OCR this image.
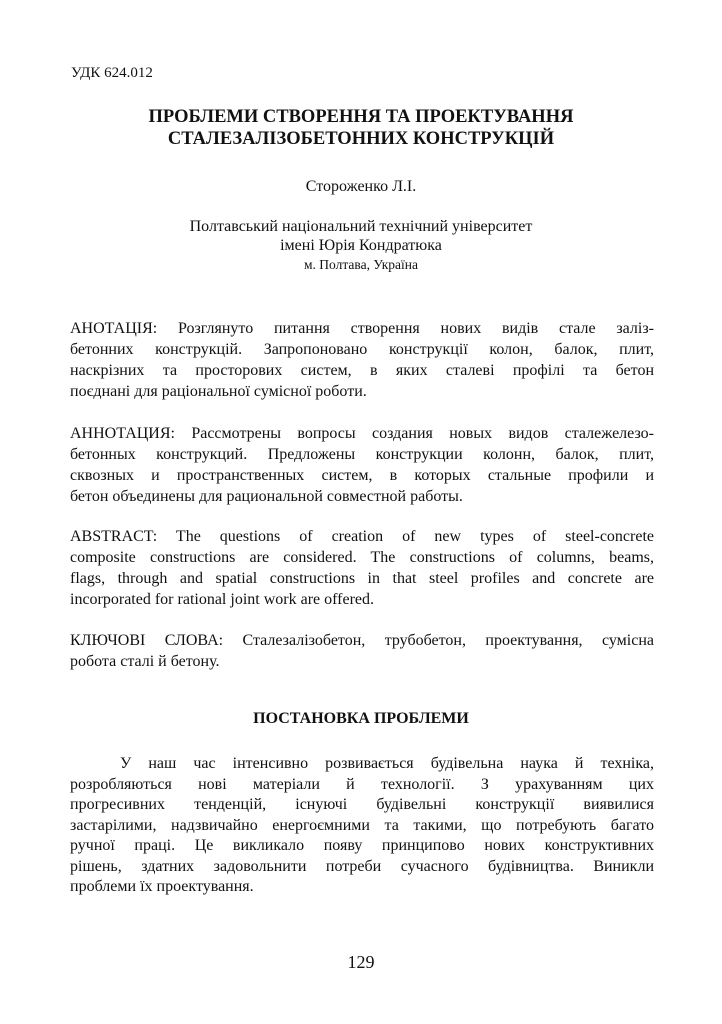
УДК 624.012
ПРОБЛЕМИ СТВОРЕННЯ ТА ПРОЕКТУВАННЯ
СТАЛЕЗАЛІЗОБЕТОННИХ КОНСТРУКЦІЙ
Стороженко Л.І.
Полтавський національний технічний університет
імені Юрія Кондратюка
м. Полтава, Україна
АНОТАЦІЯ: Розглянуто питання створення нових видів стале заліз-
бетонних конструкцій. Запропоновано конструкції колон, балок, плит,
наскрізних та просторових систем, в яких сталеві профілі та бетон
поєднані для раціональної сумісної роботи.
АННОТАЦИЯ: Рассмотрены вопросы создания новых видов сталежелезо-
бетонных конструкций. Предложены конструкции колонн, балок, плит,
сквозных и пространственных систем, в которых стальные профили и
бетон объединены для рациональной совместной работы.
ABSTRACT: The questions of creation of new types of steel-concrete
composite constructions are considered. The constructions of columns, beams,
flags, through and spatial constructions in that steel profiles and concrete are
incorporated for rational joint work are offered.
КЛЮЧОВІ СЛОВА: Сталезалізобетон, трубобетон, проектування, сумісна
робота сталі й бетону.
ПОСТАНОВКА ПРОБЛЕМИ
У наш час інтенсивно розвивається будівельна наука й техніка,
розробляються нові матеріали й технології. З урахуванням цих
прогресивних тенденцій, існуючі будівельні конструкції виявилися
застарілими, надзвичайно енергоємними та такими, що потребують багато
ручної праці. Це викликало появу принципово нових конструктивних
рішень, здатних задовольнити потреби сучасного будівництва. Виникли
проблеми їх проектування.
129
